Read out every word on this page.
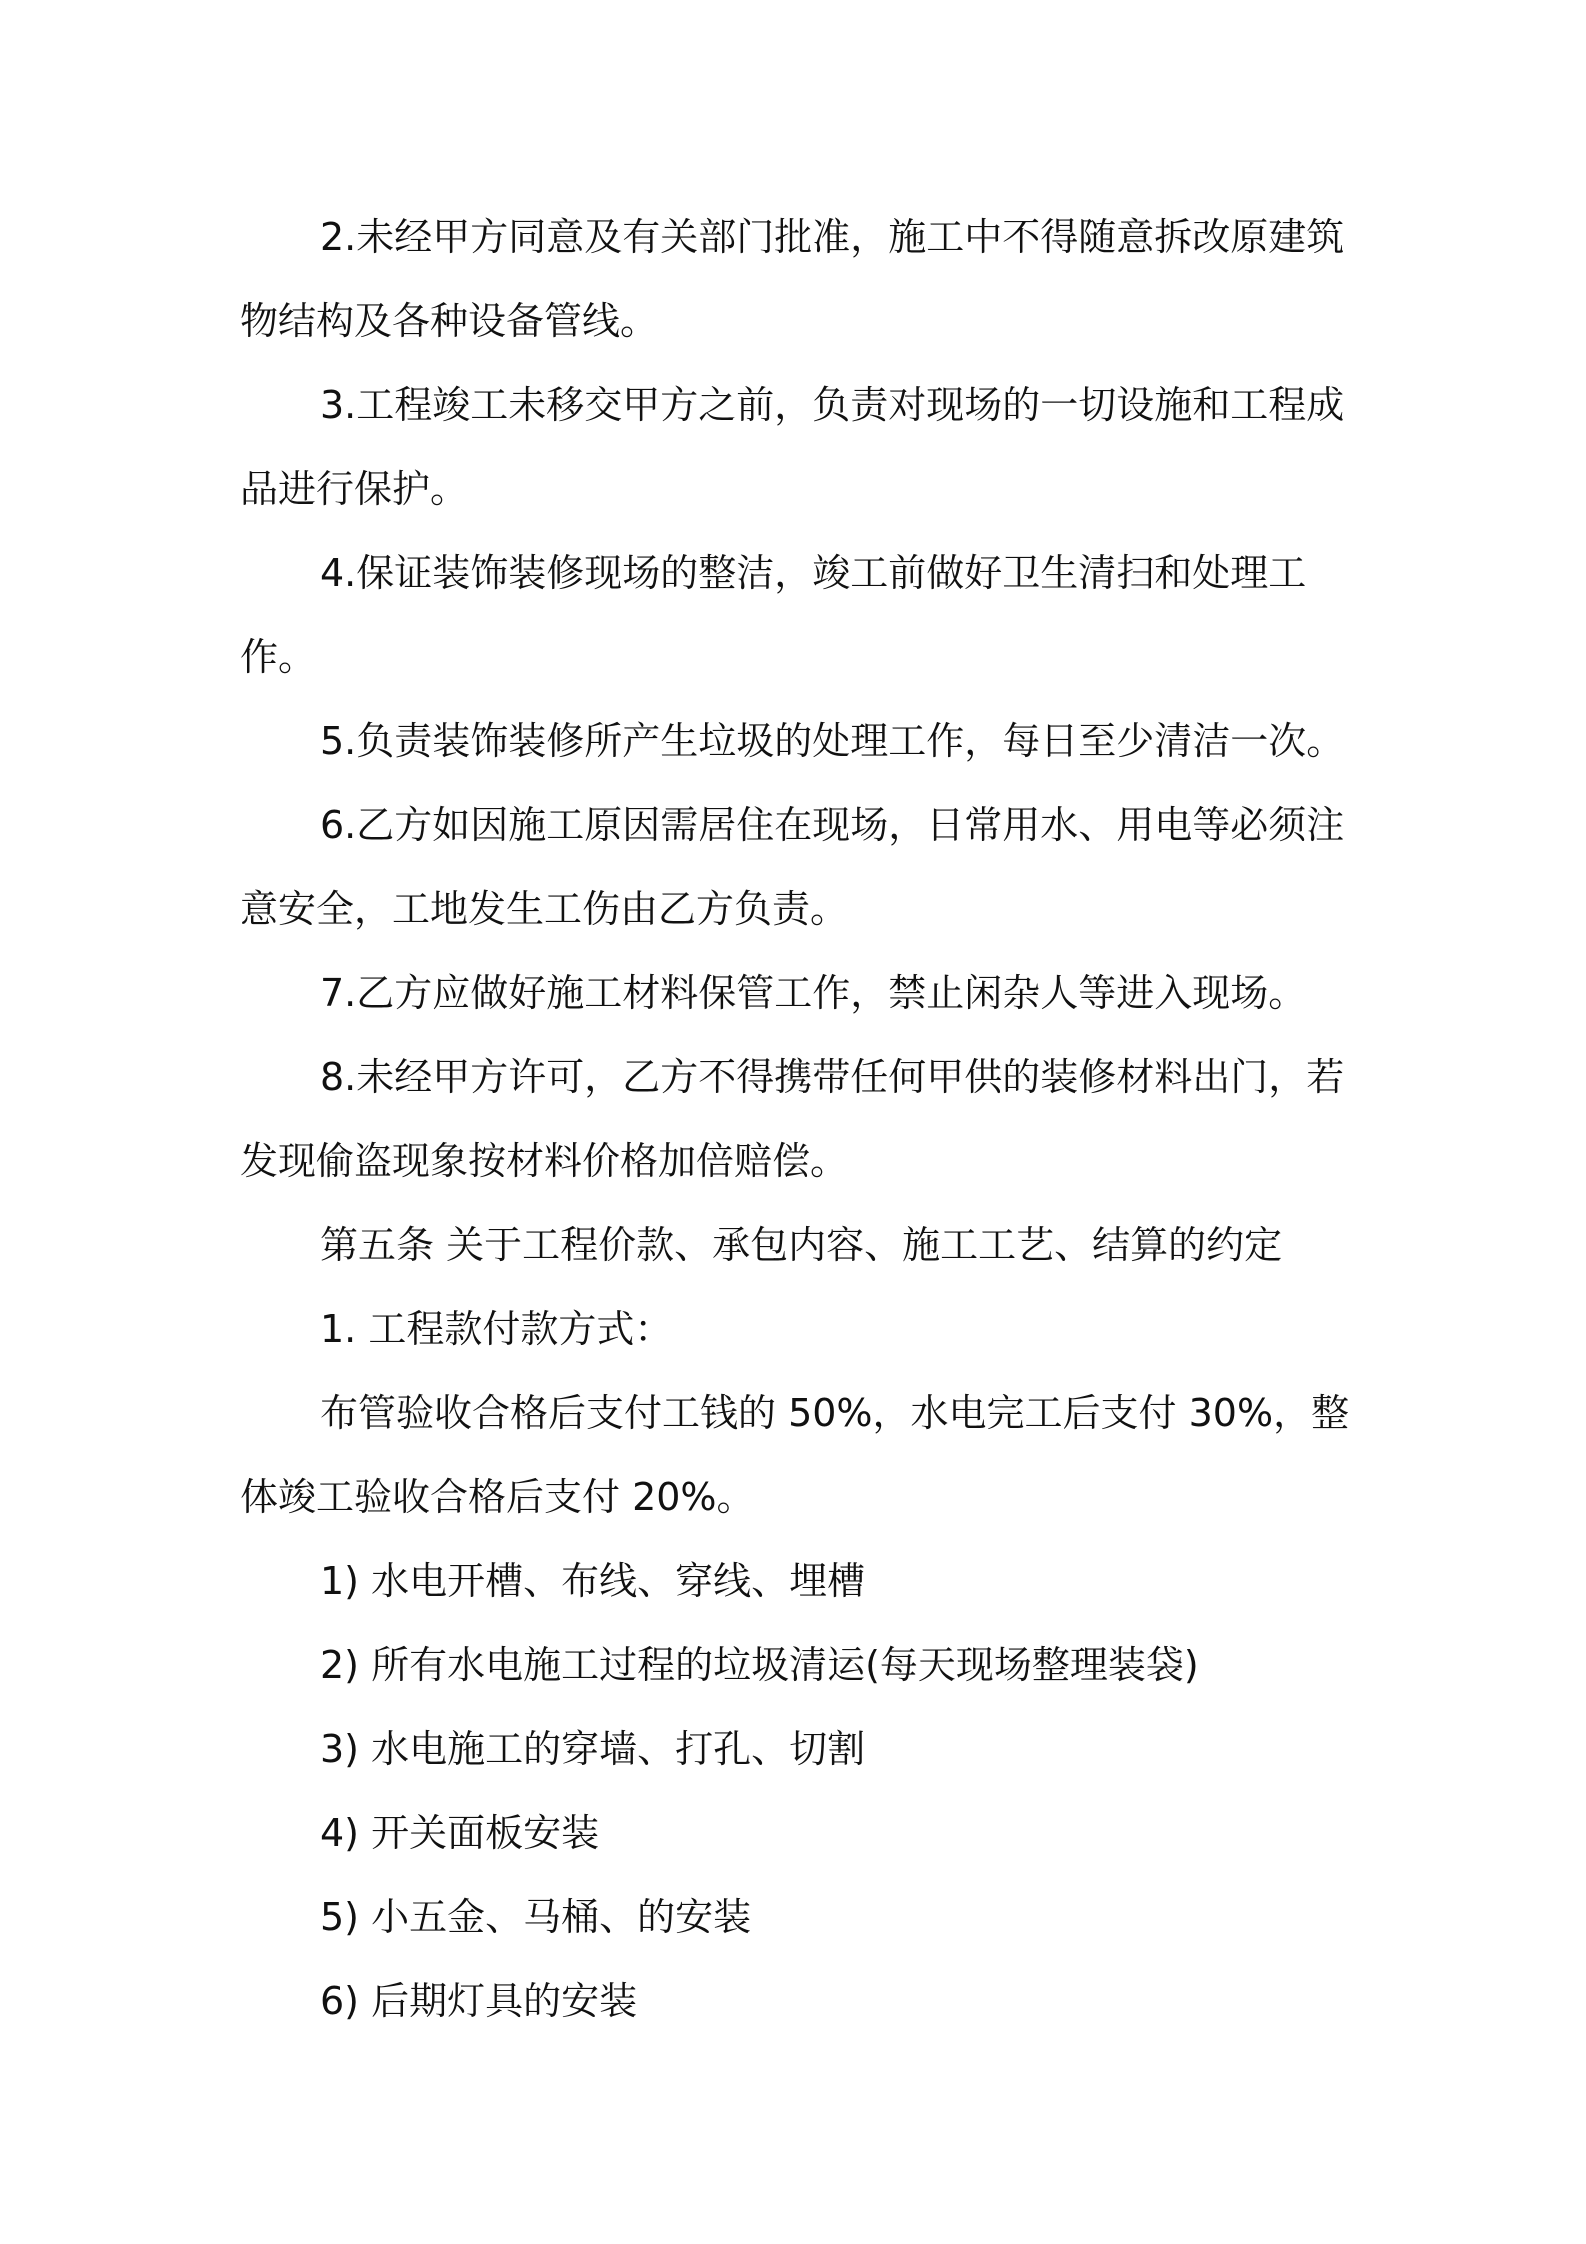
2.未经甲方同意及有关部门批准，施工中不得随意拆改原建筑物结构及各种设备管线。

3.工程竣工未移交甲方之前，负责对现场的一切设施和工程成品进行保护。

4.保证装饰装修现场的整洁，竣工前做好卫生清扫和处理工作。

5.负责装饰装修所产生垃圾的处理工作，每日至少清洁一次。

6.乙方如因施工原因需居住在现场，日常用水、用电等必须注意安全，工地发生工伤由乙方负责。

7.乙方应做好施工材料保管工作，禁止闲杂人等进入现场。

8.未经甲方许可，乙方不得携带任何甲供的装修材料出门，若发现偷盗现象按材料价格加倍赔偿。

第五条 关于工程价款、承包内容、施工工艺、结算的约定

1. 工程款付款方式：

布管验收合格后支付工钱的 50%，水电完工后支付 30%，整体竣工验收合格后支付 20%。

1) 水电开槽、布线、穿线、埋槽

2) 所有水电施工过程的垃圾清运(每天现场整理装袋)

3) 水电施工的穿墙、打孔、切割

4) 开关面板安装

5) 小五金、马桶、的安装

6) 后期灯具的安装
